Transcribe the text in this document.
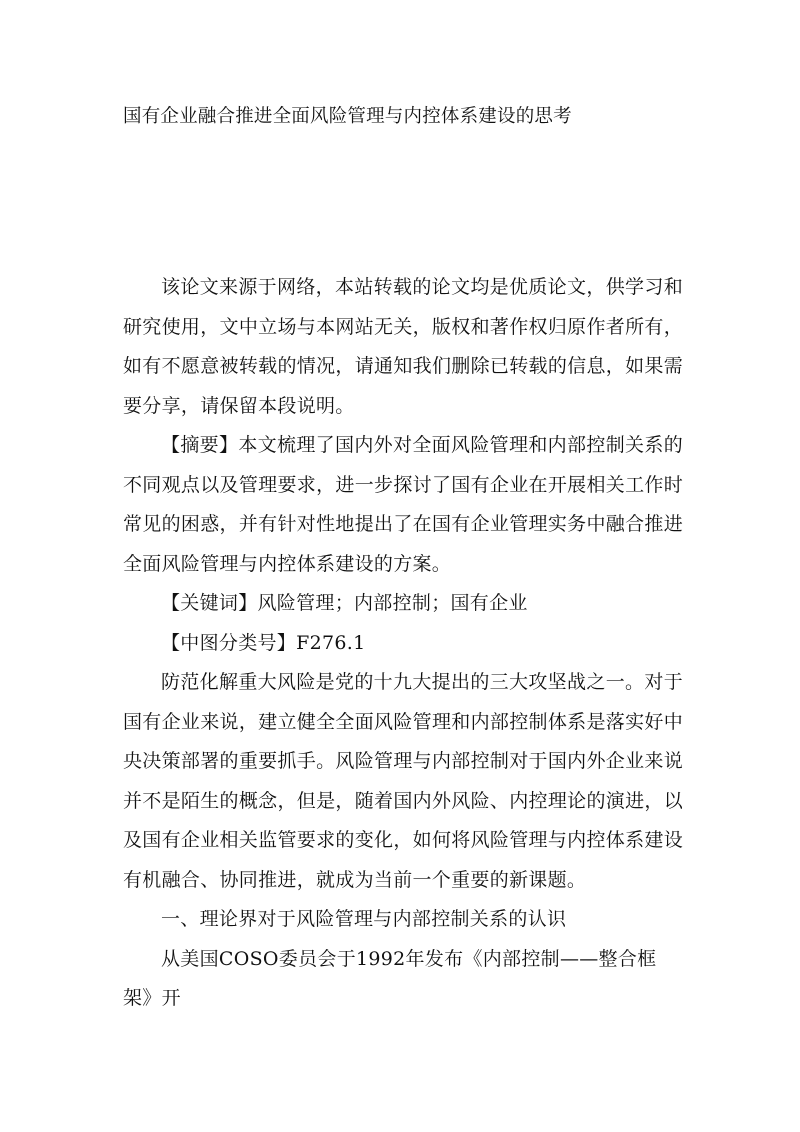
国有企业融合推进全面风险管理与内控体系建设的思考

该论文来源于网络，本站转载的论文均是优质论文，供学习和研究使用，文中立场与本网站无关，版权和著作权归原作者所有，如有不愿意被转载的情况，请通知我们删除已转载的信息，如果需要分享，请保留本段说明。

【摘要】本文梳理了国内外对全面风险管理和内部控制关系的不同观点以及管理要求，进一步探讨了国有企业在开展相关工作时常见的困惑，并有针对性地提出了在国有企业管理实务中融合推进全面风险管理与内控体系建设的方案。

【关键词】风险管理；内部控制；国有企业

【中图分类号】F276.1

防范化解重大风险是党的十九大提出的三大攻坚战之一。对于国有企业来说，建立健全全面风险管理和内部控制体系是落实好中央决策部署的重要抓手。风险管理与内部控制对于国内外企业来说并不是陌生的概念，但是，随着国内外风险、内控理论的演进，以及国有企业相关监管要求的变化，如何将风险管理与内控体系建设有机融合、协同推进，就成为当前一个重要的新课题。

一、理论界对于风险管理与内部控制关系的认识

从美国COSO委员会于1992年发布《内部控制——整合框架》开
